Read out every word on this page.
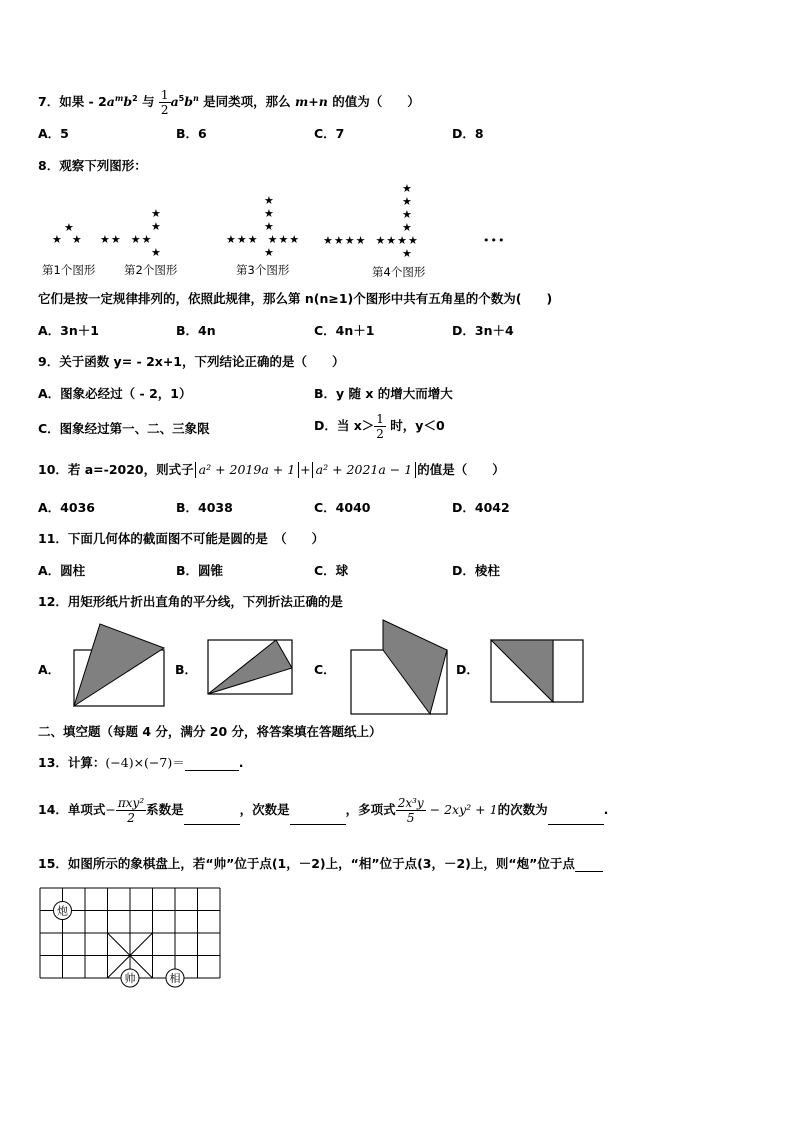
7．如果 - $2a^mb^2$ 与 $\frac{1}{2} a^5b^n$ 是同类项，那么 m+n 的值为（　　）
A．5	B．6	C．7	D．8
8．观察下列图形：
★
★  ★
★
★
★★  ★★
★
★
★
★
★★★  ★★★
★
★
★
★
★
★★★★  ★★★★
★
•••
第1个图形 第2个图形	第3个图形	第4个图形
它们是按一定规律排列的，依照此规律，那么第 n(n≥1)个图形中共有五角星的个数为(　　)
A．3n＋1	B．4n	C．4n＋1	D．3n＋4
9．关于函数 y= - 2x+1，下列结论正确的是（　　）
A．图象必经过（ - 2，1）	B．y 随 x 的增大而增大
C．图象经过第一、二、三象限	D．当 $x> \frac{1}{2}$ 时，y＜0
10．若 a=-2020，则式子 a² + 2019a + 1 + a² + 2021a − 1 的值是（　　）
A．4036	B．4038	C．4040	D．4042
11．下面几何体的截面图不可能是圆的是　（　　）
A．圆柱	B．圆锥	C．球	D．棱柱
12．用矩形纸片折出直角的平分线，下列折法正确的是
A．	B．	C．	D．
二、填空题（每题 4 分，满分 20 分，将答案填在答题纸上）
13．计算：(−4)×(−7)＝	.
14．单项式− $\frac{\text{πxy²}}{2}$ 系数是	，次数是	，多项式 $\frac{\text{2x³y}}{5} - 2xy^2 + 1$的次数为	.
15．如图所示的象棋盘上，若“帅”位于点(1，－2)上，“相”位于点(3，－2)上，则“炮”位于点
炮
帅	相
